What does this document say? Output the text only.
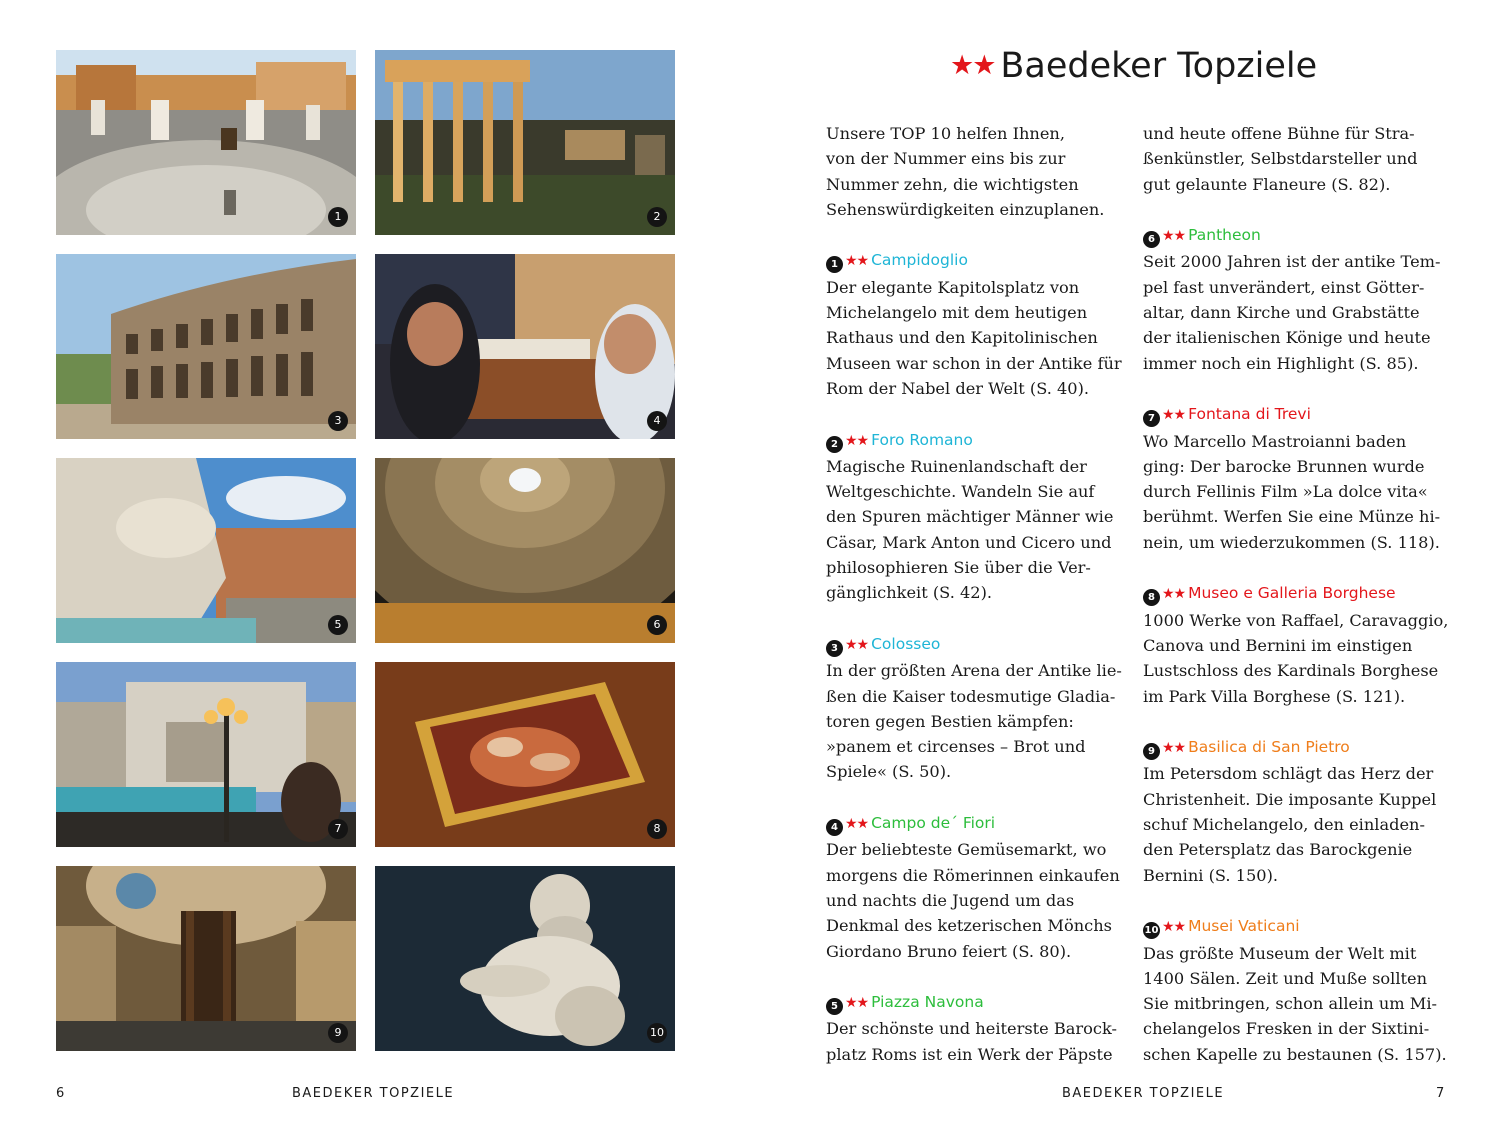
1	2
3	4
5	6
7	8
9	10
6	BAEDEKER TOPZIELE
★★ Baedeker Topziele

Unsere TOP 10 helfen Ihnen,
von der Nummer eins bis zur
Nummer zehn, die wichtigsten
Sehenswürdigkeiten einzuplanen.

1 ★★ Campidoglio
Der elegante Kapitolsplatz von
Michelangelo mit dem heutigen
Rathaus und den Kapitolinischen
Museen war schon in der Antike für
Rom der Nabel der Welt (S. 40).
2 ★★ Foro Romano
Magische Ruinenlandschaft der
Weltgeschichte. Wandeln Sie auf
den Spuren mächtiger Männer wie
Cäsar, Mark Anton und Cicero und
philosophieren Sie über die Ver-
gänglichkeit (S. 42).
3 ★★ Colosseo
In der größten Arena der Antike lie-
ßen die Kaiser todesmutige Gladia-
toren gegen Bestien kämpfen:
»panem et circenses – Brot und
Spiele« (S. 50).
4 ★★ Campo de´ Fiori
Der beliebteste Gemüsemarkt, wo
morgens die Römerinnen einkaufen
und nachts die Jugend um das
Denkmal des ketzerischen Mönchs
Giordano Bruno feiert (S. 80).
5 ★★ Piazza Navona
Der schönste und heiterste Barock-
platz Roms ist ein Werk der Päpste
und heute offene Bühne für Stra-
ßenkünstler, Selbstdarsteller und
gut gelaunte Flaneure (S. 82).
6 ★★ Pantheon
Seit 2000 Jahren ist der antike Tem-
pel fast unverändert, einst Götter-
altar, dann Kirche und Grabstätte
der italienischen Könige und heute
immer noch ein Highlight (S. 85).
7 ★★ Fontana di Trevi
Wo Marcello Mastroianni baden
ging: Der barocke Brunnen wurde
durch Fellinis Film »La dolce vita«
berühmt. Werfen Sie eine Münze hi-
nein, um wiederzukommen (S. 118).
8 ★★ Museo e Galleria Borghese
1000 Werke von Raffael, Caravaggio,
Canova und Bernini im einstigen
Lustschloss des Kardinals Borghese
im Park Villa Borghese (S. 121).
9 ★★ Basilica di San Pietro
Im Petersdom schlägt das Herz der
Christenheit. Die imposante Kuppel
schuf Michelangelo, den einladen-
den Petersplatz das Barockgenie
Bernini (S. 150).
10 ★★ Musei Vaticani
Das größte Museum der Welt mit
1400 Sälen. Zeit und Muße sollten
Sie mitbringen, schon allein um Mi-
chelangelos Fresken in der Sixtini-
schen Kapelle zu bestaunen (S. 157).
BAEDEKER TOPZIELE	7
